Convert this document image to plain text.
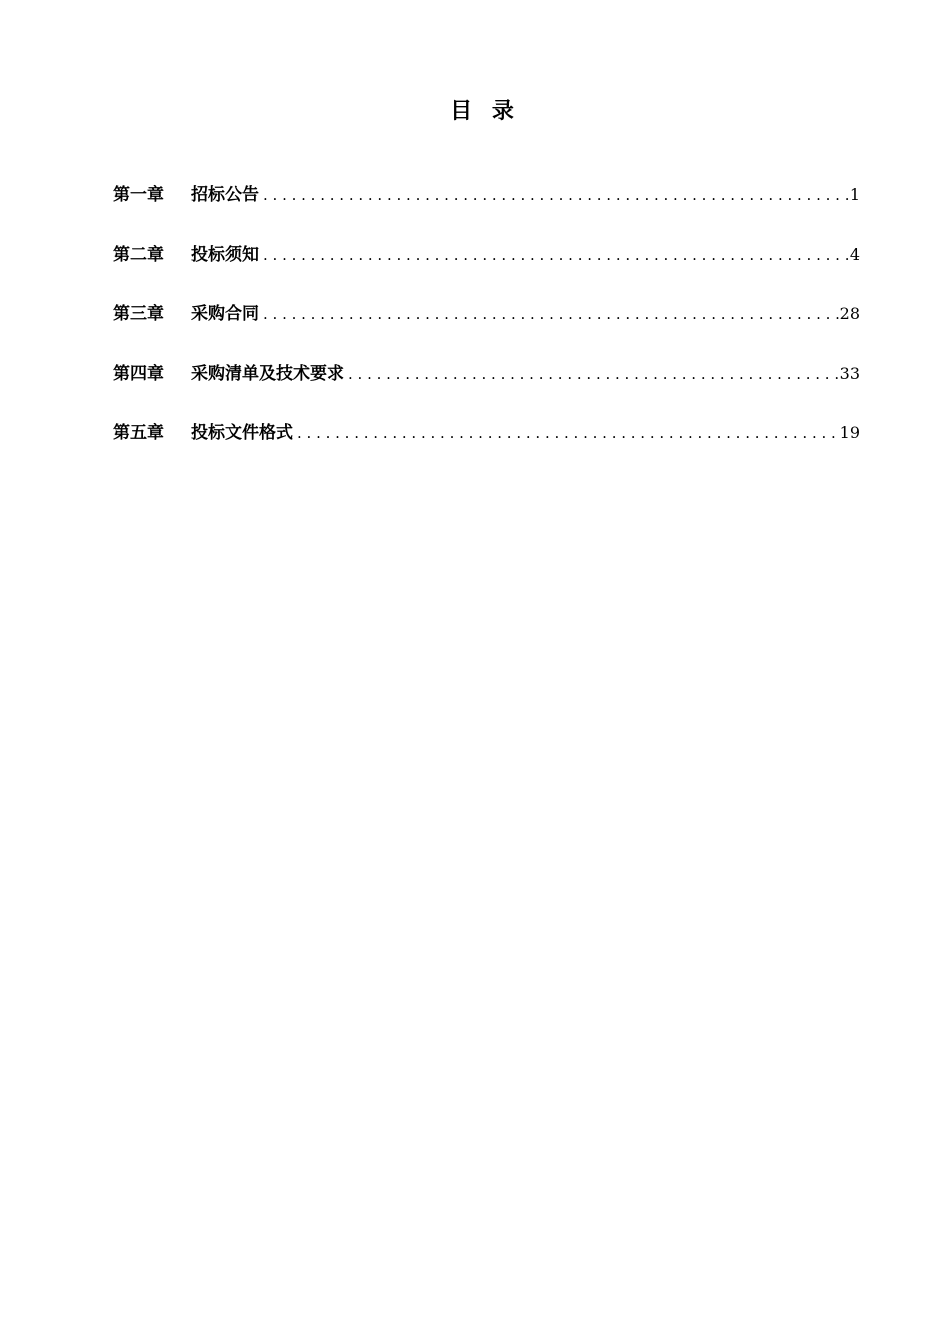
目 录
第一章	招标公告 . . .	1
第二章	投标须知 . . .	4
第三章	采购合同 . . .	28
第四章	采购清单及技术要求 . . .	33
第五章	投标文件格式 . . .	19
